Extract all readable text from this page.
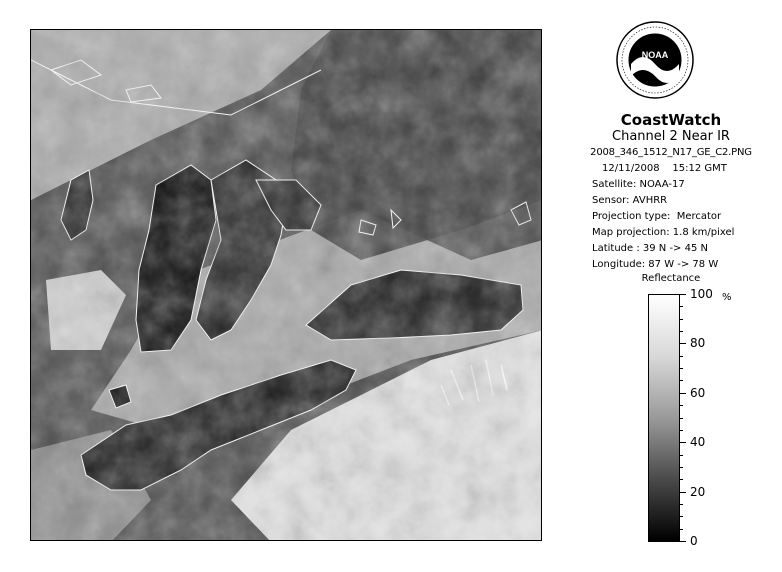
NOAA
CoastWatch
Channel 2 Near IR
2008_346_1512_N17_GE_C2.PNG
12/11/2008 15:12 GMT
Satellite: NOAA-17
Sensor: AVHRR
Projection type:  Mercator
Map projection: 1.8 km/pixel
Latitude : 39 N -> 45 N
Longitude: 87 W -> 78 W
Reflectance
%
100
80
60
40
20
0
